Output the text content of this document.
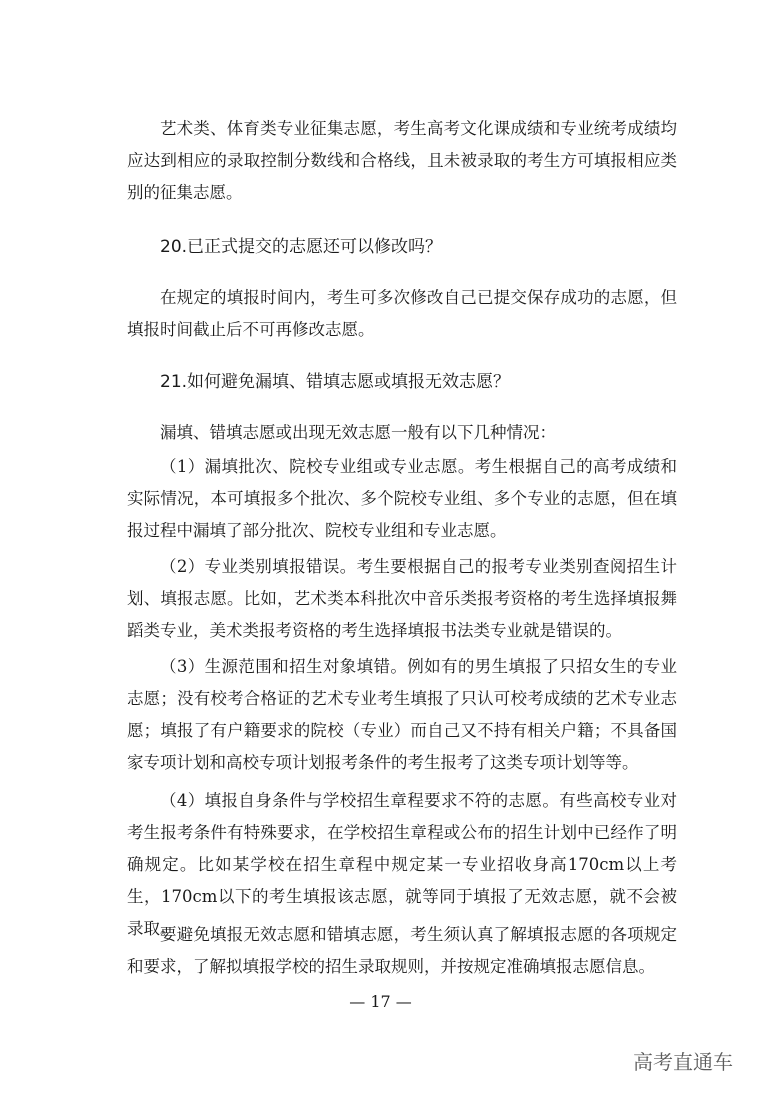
艺术类、体育类专业征集志愿，考生高考文化课成绩和专业统考成绩均应达到相应的录取控制分数线和合格线，且未被录取的考生方可填报相应类别的征集志愿。

20.已正式提交的志愿还可以修改吗？

在规定的填报时间内，考生可多次修改自己已提交保存成功的志愿，但填报时间截止后不可再修改志愿。

21.如何避免漏填、错填志愿或填报无效志愿？

漏填、错填志愿或出现无效志愿一般有以下几种情况：

（1）漏填批次、院校专业组或专业志愿。考生根据自己的高考成绩和实际情况，本可填报多个批次、多个院校专业组、多个专业的志愿，但在填报过程中漏填了部分批次、院校专业组和专业志愿。

（2）专业类别填报错误。考生要根据自己的报考专业类别查阅招生计划、填报志愿。比如，艺术类本科批次中音乐类报考资格的考生选择填报舞蹈类专业，美术类报考资格的考生选择填报书法类专业就是错误的。

（3）生源范围和招生对象填错。例如有的男生填报了只招女生的专业志愿；没有校考合格证的艺术专业考生填报了只认可校考成绩的艺术专业志愿；填报了有户籍要求的院校（专业）而自己又不持有相关户籍；不具备国家专项计划和高校专项计划报考条件的考生报考了这类专项计划等等。

（4）填报自身条件与学校招生章程要求不符的志愿。有些高校专业对考生报考条件有特殊要求，在学校招生章程或公布的招生计划中已经作了明确规定。比如某学校在招生章程中规定某一专业招收身高170cm以上考生，170cm以下的考生填报该志愿，就等同于填报了无效志愿，就不会被录取。

要避免填报无效志愿和错填志愿，考生须认真了解填报志愿的各项规定和要求，了解拟填报学校的招生录取规则，并按规定准确填报志愿信息。

— 17 —
高考直通车
